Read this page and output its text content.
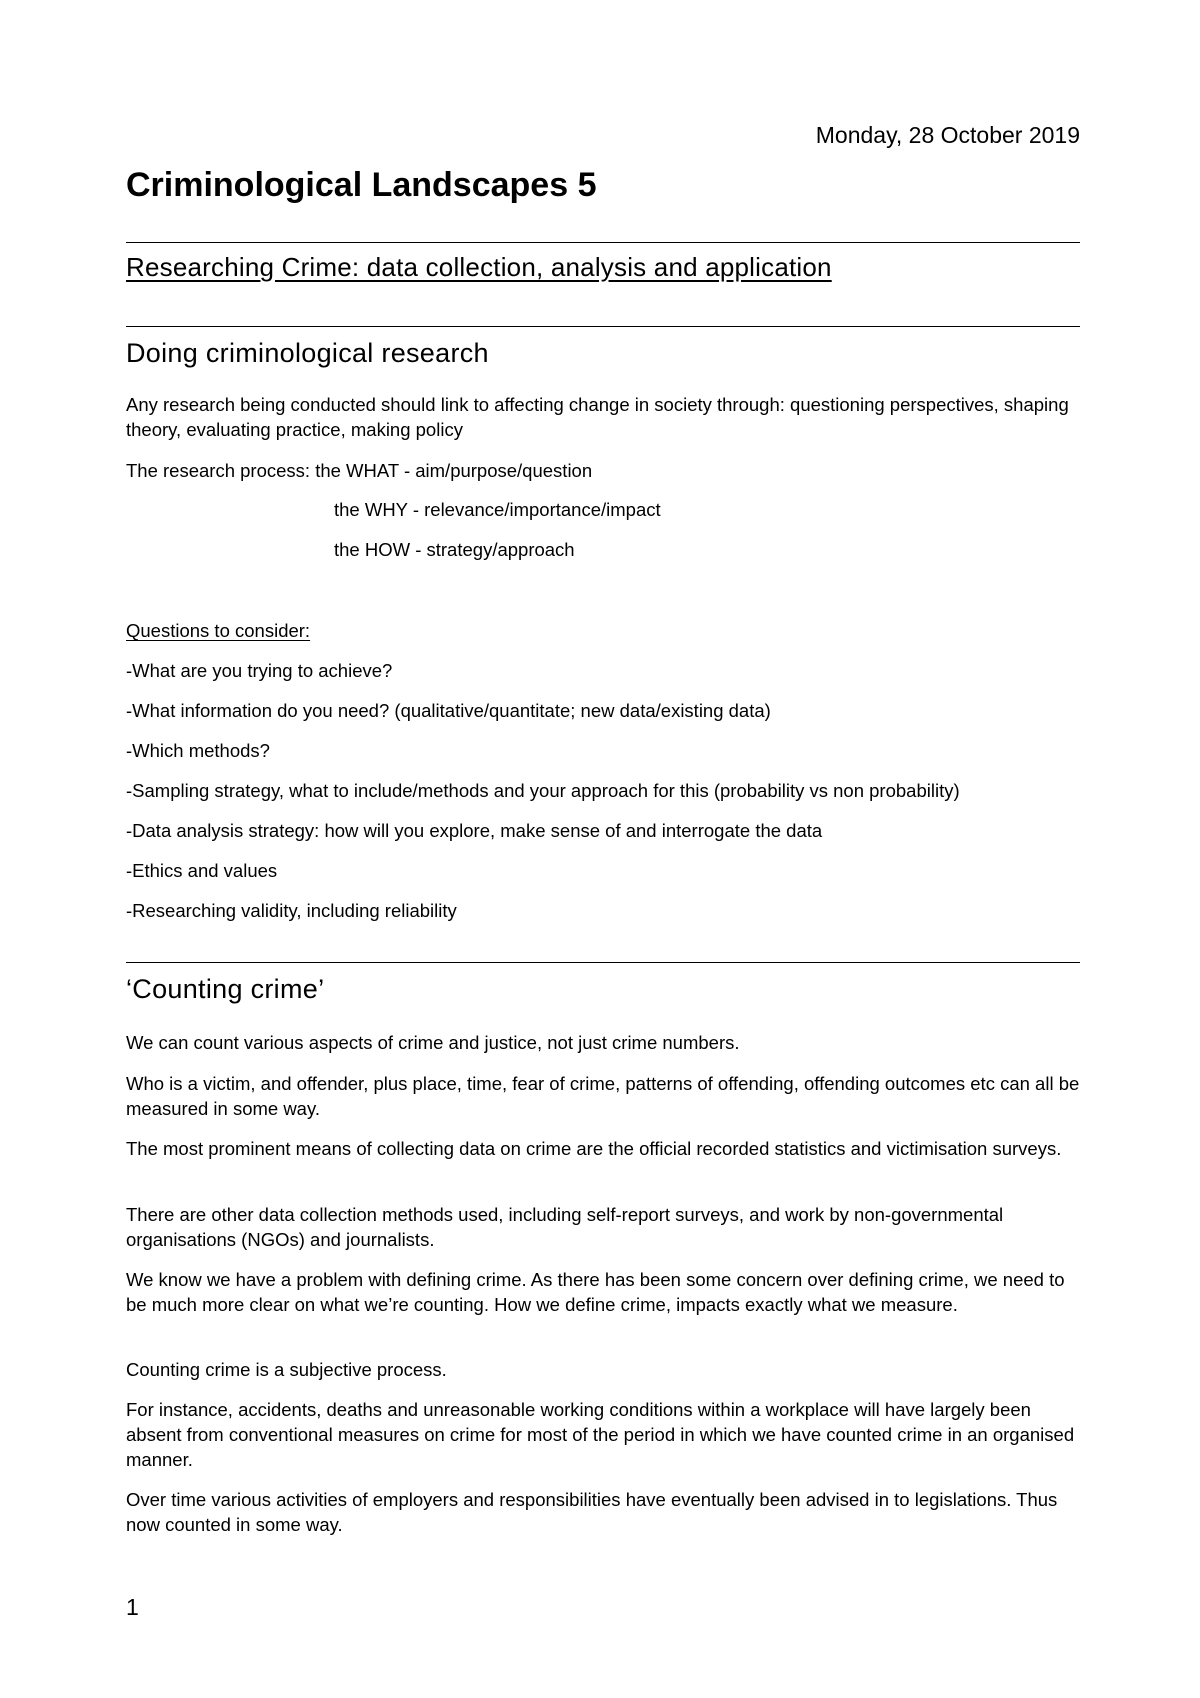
Monday, 28 October 2019
Criminological Landscapes 5
Researching Crime: data collection, analysis and application
Doing criminological research

Any research being conducted should link to affecting change in society through: questioning perspectives, shaping theory, evaluating practice, making policy

The research process: the WHAT - aim/purpose/question

the WHY - relevance/importance/impact

the HOW - strategy/approach

Questions to consider:

-What are you trying to achieve?

-What information do you need? (qualitative/quantitate; new data/existing data)

-Which methods?

-Sampling strategy, what to include/methods and your approach for this (probability vs non probability)

-Data analysis strategy: how will you explore, make sense of and interrogate the data

-Ethics and values

-Researching validity, including reliability

‘Counting crime’

We can count various aspects of crime and justice, not just crime numbers.

Who is a victim, and offender, plus place, time, fear of crime, patterns of offending, offending outcomes etc can all be measured in some way.

The most prominent means of collecting data on crime are the official recorded statistics and victimisation surveys.

There are other data collection methods used, including self-report surveys, and work by non-governmental organisations (NGOs) and journalists.

We know we have a problem with defining crime. As there has been some concern over defining crime, we need to be much more clear on what we’re counting. How we define crime, impacts exactly what we measure.

Counting crime is a subjective process.

For instance, accidents, deaths and unreasonable working conditions within a workplace will have largely been absent from conventional measures on crime for most of the period in which we have counted crime in an organised manner.

Over time various activities of employers and responsibilities have eventually been advised in to legislations. Thus now counted in some way.

1
